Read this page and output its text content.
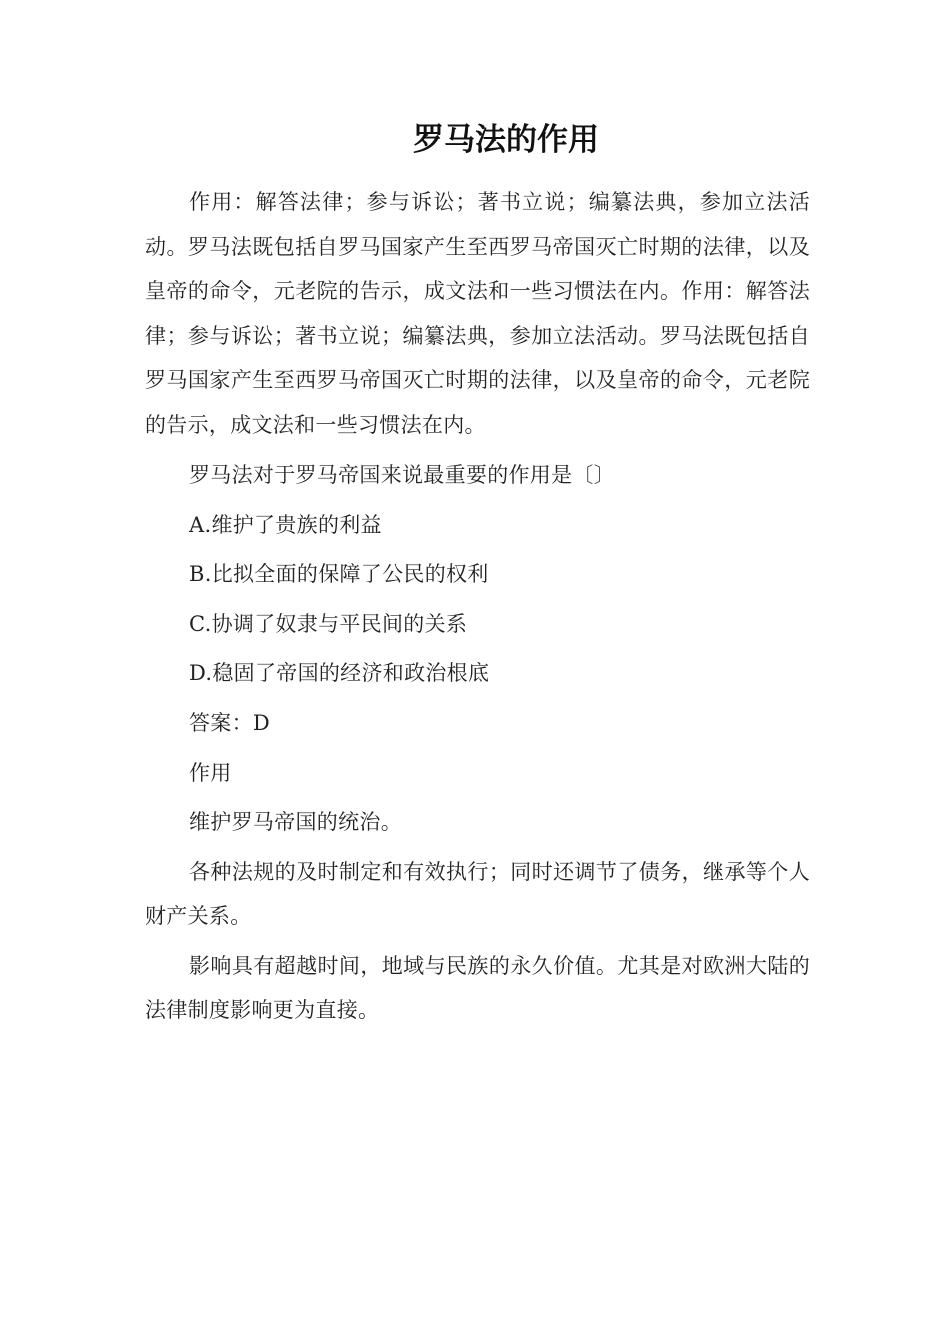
罗马法的作用

作用：解答法律；参与诉讼；著书立说；编纂法典，参加立法活动。罗马法既包括自罗马国家产生至西罗马帝国灭亡时期的法律，以及皇帝的命令，元老院的告示，成文法和一些习惯法在内。作用：解答法律；参与诉讼；著书立说；编纂法典，参加立法活动。罗马法既包括自罗马国家产生至西罗马帝国灭亡时期的法律，以及皇帝的命令，元老院的告示，成文法和一些习惯法在内。

罗马法对于罗马帝国来说最重要的作用是〔〕

A.维护了贵族的利益

B.比拟全面的保障了公民的权利

C.协调了奴隶与平民间的关系

D.稳固了帝国的经济和政治根底

答案：D

作用

维护罗马帝国的统治。

各种法规的及时制定和有效执行；同时还调节了债务，继承等个人财产关系。

影响具有超越时间，地域与民族的永久价值。尤其是对欧洲大陆的法律制度影响更为直接。
